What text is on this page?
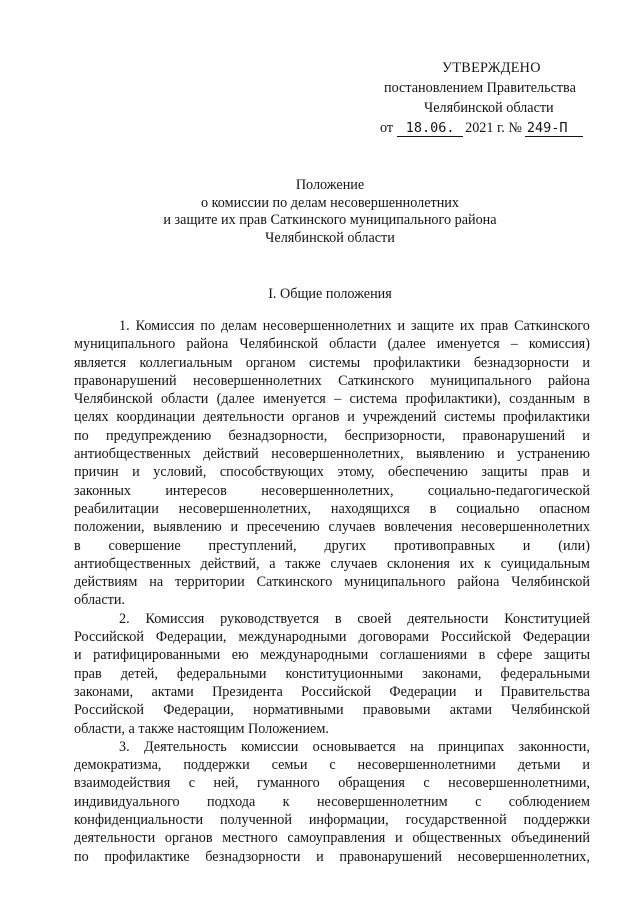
УТВЕРЖДЕНО
постановлением Правительства
Челябинской области
от 18.06. 2021 г. № 249-П
Положение
о комиссии по делам несовершеннолетних
и защите их прав Саткинского муниципального района
Челябинской области
I. Общие положения
1. Комиссия по делам несовершеннолетних и защите их прав Саткинского
муниципального района Челябинской области (далее именуется – комиссия)
является коллегиальным органом системы профилактики безнадзорности и
правонарушений несовершеннолетних Саткинского муниципального района
Челябинской области (далее именуется – система профилактики), созданным в
целях координации деятельности органов и учреждений системы профилактики
по предупреждению безнадзорности, беспризорности, правонарушений и
антиобщественных действий несовершеннолетних, выявлению и устранению
причин и условий, способствующих этому, обеспечению защиты прав и
законных интересов несовершеннолетних, социально-педагогической
реабилитации несовершеннолетних, находящихся в социально опасном
положении, выявлению и пресечению случаев вовлечения несовершеннолетних
в совершение преступлений, других противоправных и (или)
антиобщественных действий, а также случаев склонения их к суицидальным
действиям на территории Саткинского муниципального района Челябинской
области.
2. Комиссия руководствуется в своей деятельности Конституцией
Российской Федерации, международными договорами Российской Федерации
и ратифицированными ею международными соглашениями в сфере защиты
прав детей, федеральными конституционными законами, федеральными
законами, актами Президента Российской Федерации и Правительства
Российской Федерации, нормативными правовыми актами Челябинской
области, а также настоящим Положением.
3. Деятельность комиссии основывается на принципах законности,
демократизма, поддержки семьи с несовершеннолетними детьми и
взаимодействия с ней, гуманного обращения с несовершеннолетними,
индивидуального подхода к несовершеннолетним с соблюдением
конфиденциальности полученной информации, государственной поддержки
деятельности органов местного самоуправления и общественных объединений
по профилактике безнадзорности и правонарушений несовершеннолетних,
